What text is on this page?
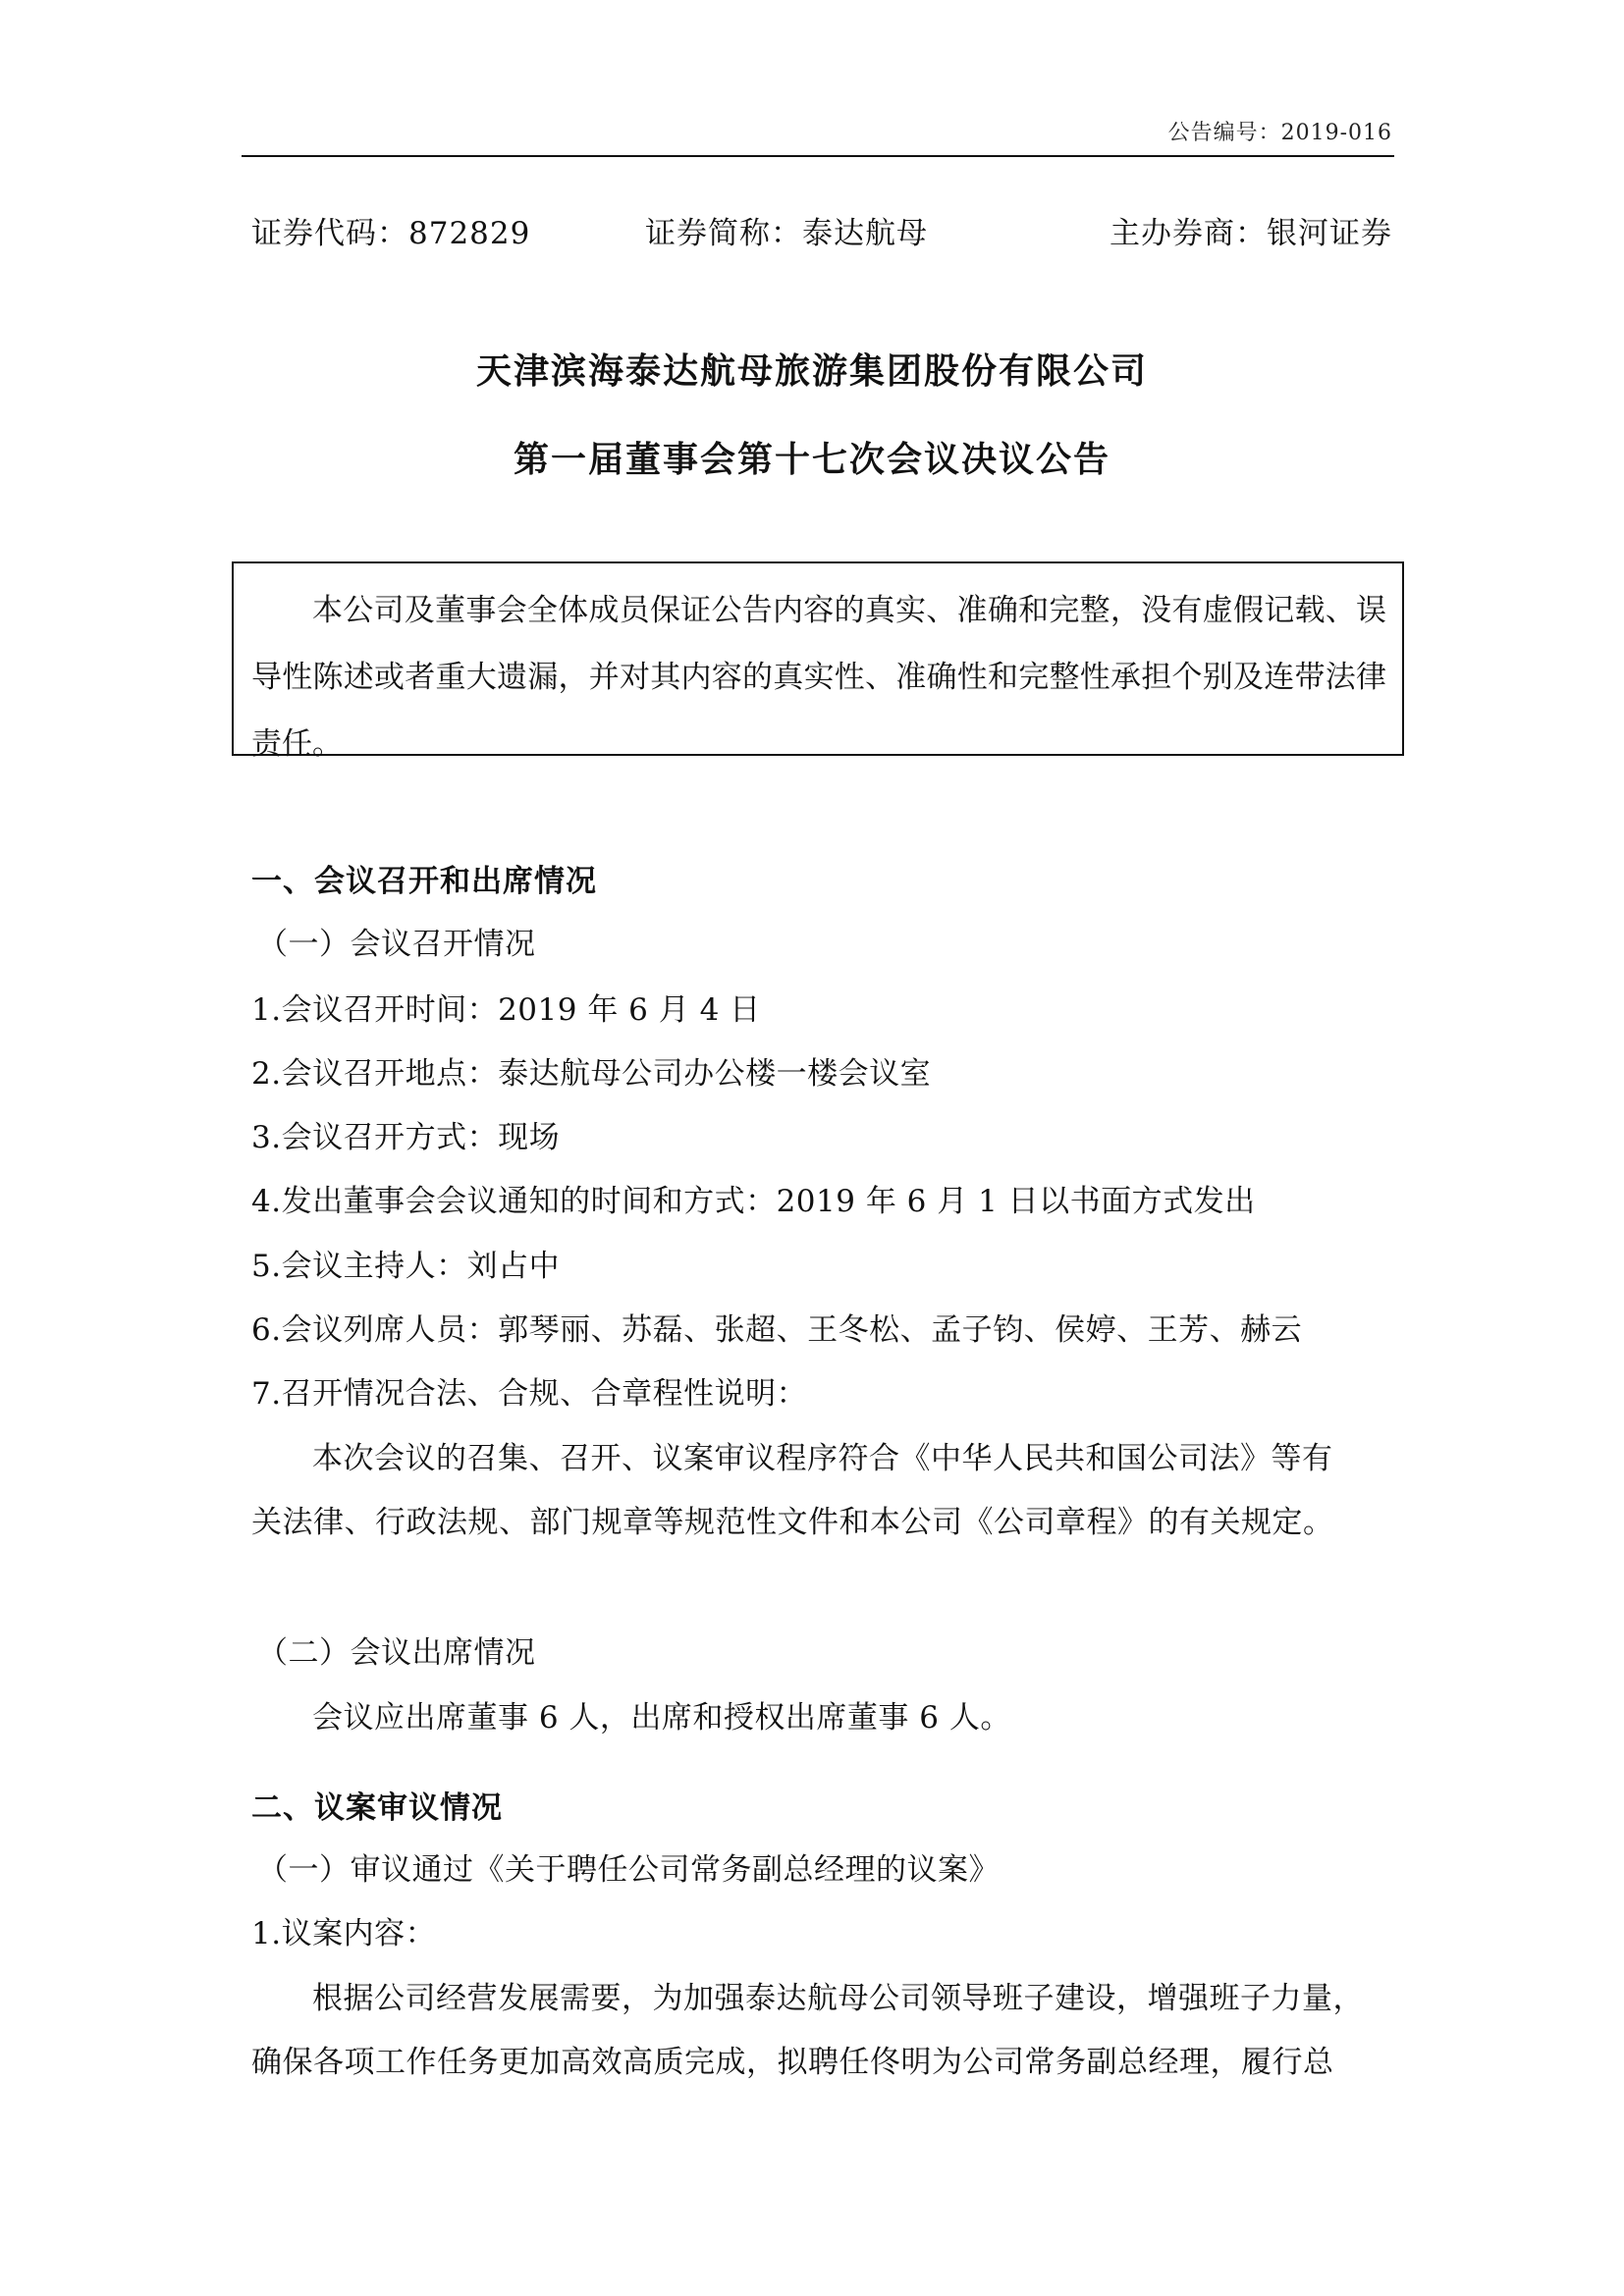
公告编号：2019-016
证券代码：872829	证券简称：泰达航母	主办券商：银河证券
天津滨海泰达航母旅游集团股份有限公司
第一届董事会第十七次会议决议公告

本公司及董事会全体成员保证公告内容的真实、准确和完整，没有虚假记载、误导性陈述或者重大遗漏，并对其内容的真实性、准确性和完整性承担个别及连带法律责任。

一、会议召开和出席情况
（一）会议召开情况
1.会议召开时间：2019 年 6 月 4 日
2.会议召开地点：泰达航母公司办公楼一楼会议室
3.会议召开方式：现场
4.发出董事会会议通知的时间和方式：2019 年 6 月 1 日以书面方式发出
5.会议主持人：刘占中
6.会议列席人员：郭琴丽、苏磊、张超、王冬松、孟子钧、侯婷、王芳、赫云
7.召开情况合法、合规、合章程性说明：
本次会议的召集、召开、议案审议程序符合《中华人民共和国公司法》等有
关法律、行政法规、部门规章等规范性文件和本公司《公司章程》的有关规定。
（二）会议出席情况
会议应出席董事 6 人，出席和授权出席董事 6 人。
二、议案审议情况
（一）审议通过《关于聘任公司常务副总经理的议案》
1.议案内容：
根据公司经营发展需要，为加强泰达航母公司领导班子建设，增强班子力量，
确保各项工作任务更加高效高质完成，拟聘任佟明为公司常务副总经理，履行总
